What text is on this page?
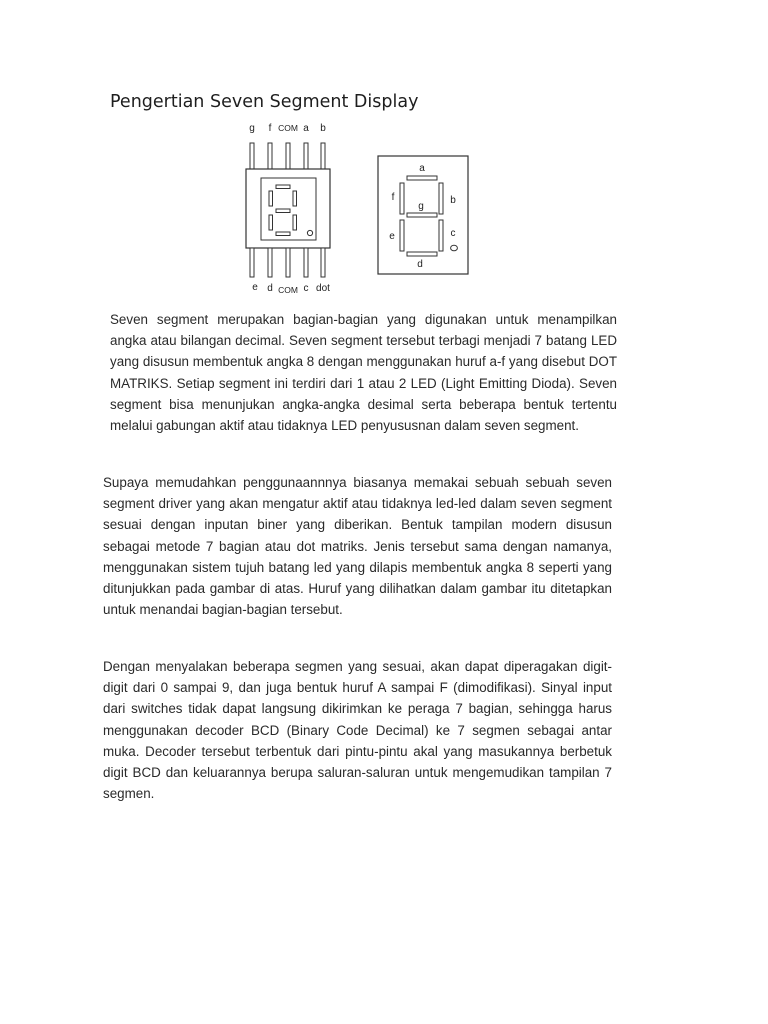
Pengertian Seven Segment Display
g f COM a b
e d COM c dot
a
f
g
b
e	c
d

Seven segment merupakan bagian-bagian yang digunakan untuk menampilkan angka atau bilangan decimal. Seven segment tersebut terbagi menjadi 7 batang LED yang disusun membentuk angka 8 dengan menggunakan huruf a-f yang disebut DOT MATRIKS. Setiap segment ini terdiri dari 1 atau 2 LED (Light Emitting Dioda). Seven segment bisa menunjukan angka-angka desimal serta beberapa bentuk tertentu melalui gabungan aktif atau tidaknya LED penyususnan dalam seven segment.

Supaya memudahkan penggunaannnya biasanya memakai sebuah sebuah seven segment driver yang akan mengatur aktif atau tidaknya led-led dalam seven segment sesuai dengan inputan biner yang diberikan. Bentuk tampilan modern disusun sebagai metode 7 bagian atau dot matriks. Jenis tersebut sama dengan namanya, menggunakan sistem tujuh batang led yang dilapis membentuk angka 8 seperti yang ditunjukkan pada gambar di atas. Huruf yang dilihatkan dalam gambar itu ditetapkan untuk menandai bagian-bagian tersebut.

Dengan menyalakan beberapa segmen yang sesuai, akan dapat diperagakan digit-digit dari 0 sampai 9, dan juga bentuk huruf A sampai F (dimodifikasi). Sinyal input dari switches tidak dapat langsung dikirimkan ke peraga 7 bagian, sehingga harus menggunakan decoder BCD (Binary Code Decimal) ke 7 segmen sebagai antar muka. Decoder tersebut terbentuk dari pintu-pintu akal yang masukannya berbetuk digit BCD dan keluarannya berupa saluran-saluran untuk mengemudikan tampilan 7 segmen.
